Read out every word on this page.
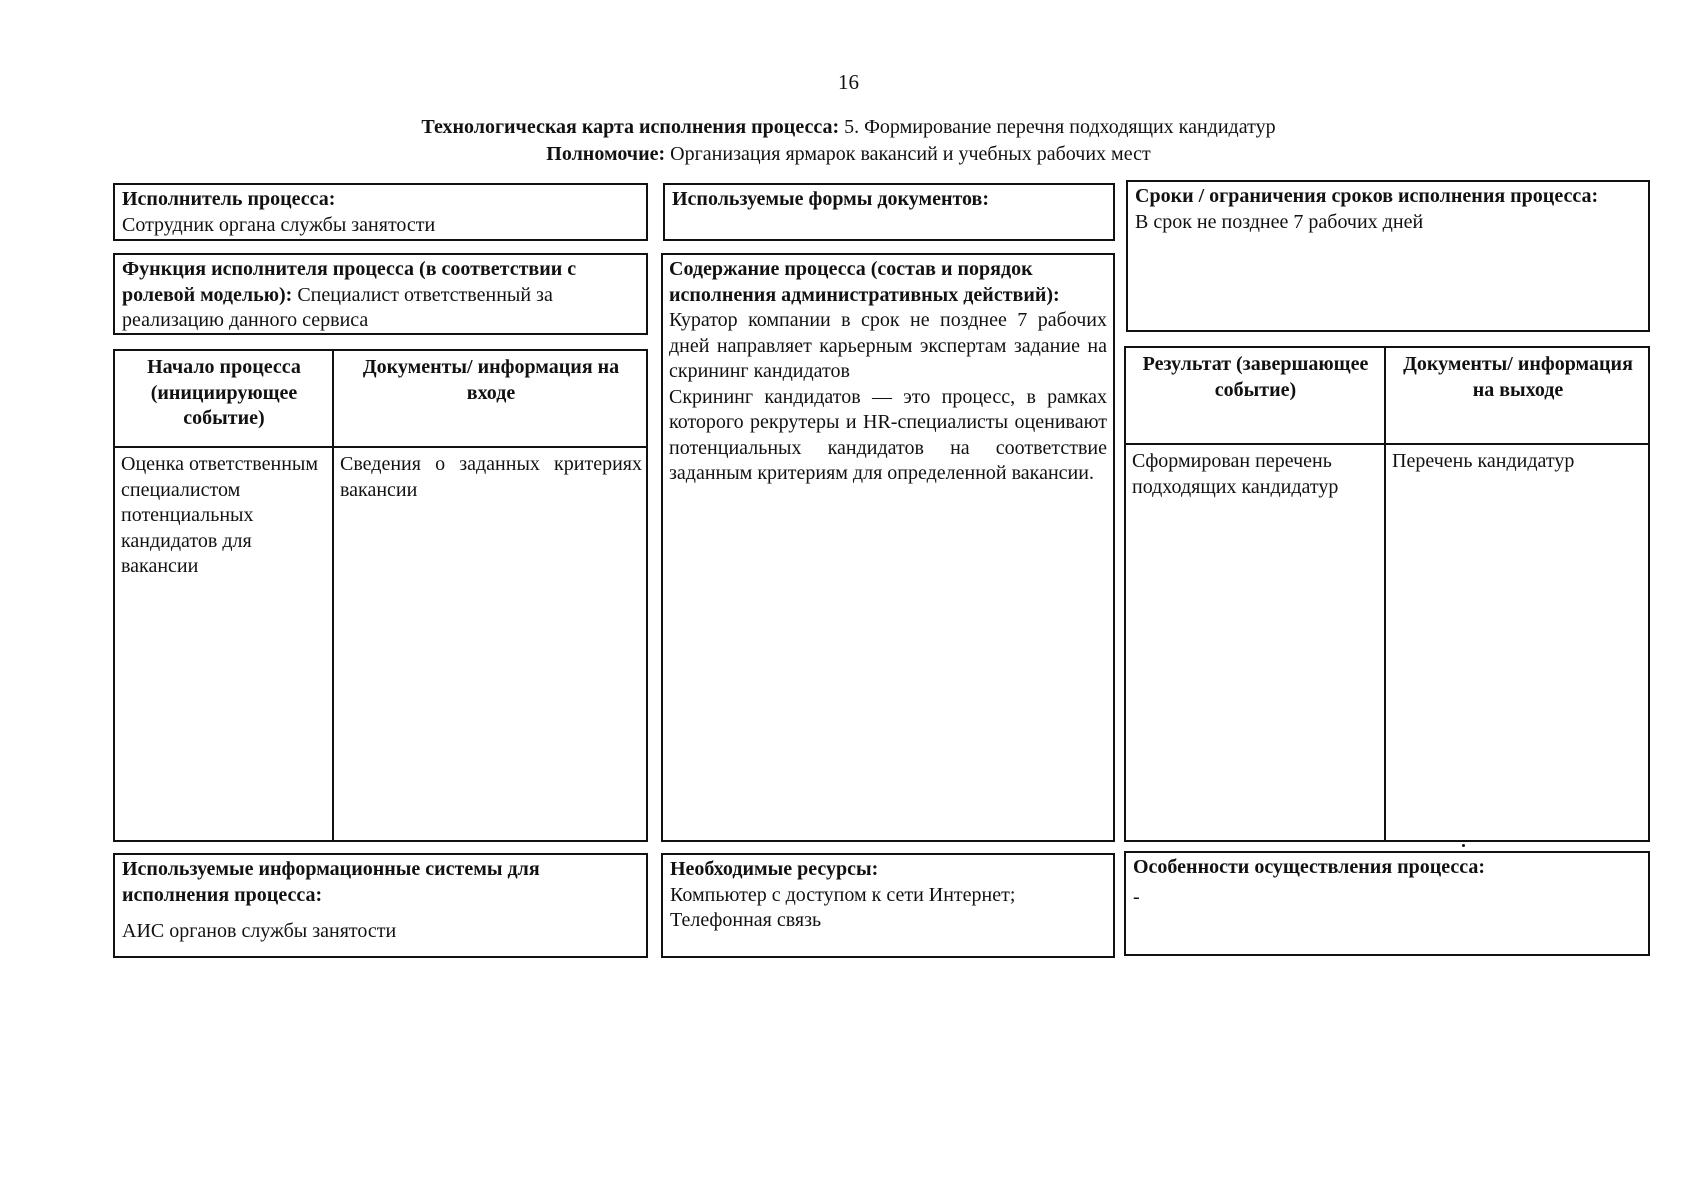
16
Технологическая карта исполнения процесса: 5. Формирование перечня подходящих кандидатур
Полномочие: Организация ярмарок вакансий и учебных рабочих мест
Исполнитель процесса:
Сотрудник органа службы занятости
Используемые формы документов:	Сроки / ограничения сроков исполнения процесса:
В срок не позднее 7 рабочих дней
Функция исполнителя процесса (в соответствии с ролевой моделью): Специалист ответственный за реализацию данного сервиса
Содержание процесса (состав и порядок исполнения административных действий):
Куратор компании в срок не позднее 7 рабочих дней направляет карьерным экспертам задание на скрининг кандидатов
Скрининг кандидатов — это процесс, в рамках которого рекрутеры и HR-специалисты оценивают потенциальных кандидатов на соответствие заданным критериям для определенной вакансии.
Начало процесса (инициирующее событие)
Документы/ информация на входе
Оценка ответственным специалистом потенциальных кандидатов для вакансии
Сведения о заданных критериях вакансии
Результат (завершающее событие)
Документы/ информация на выходе
Сформирован перечень подходящих кандидатур
Перечень кандидатур
Используемые информационные системы для исполнения процесса:
АИС органов службы занятости
Необходимые ресурсы:
Компьютер с доступом к сети Интернет;
Телефонная связь
Особенности осуществления процесса:
-
